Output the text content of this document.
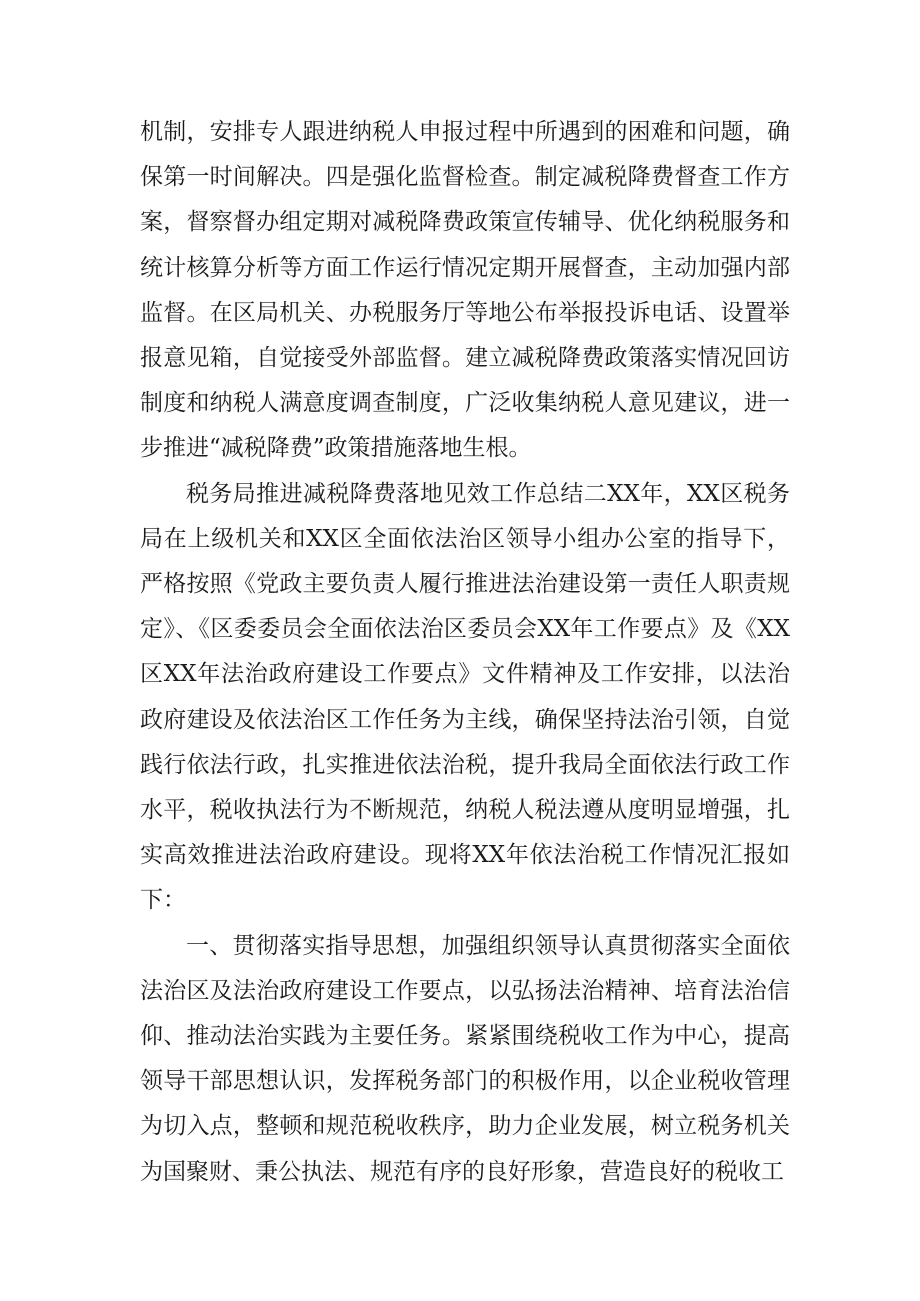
机制，安排专人跟进纳税人申报过程中所遇到的困难和问题，确保第一时间解决。四是强化监督检查。制定减税降费督查工作方案，督察督办组定期对减税降费政策宣传辅导、优化纳税服务和统计核算分析等方面工作运行情况定期开展督查，主动加强内部监督。在区局机关、办税服务厅等地公布举报投诉电话、设置举报意见箱，自觉接受外部监督。建立减税降费政策落实情况回访制度和纳税人满意度调查制度，广泛收集纳税人意见建议，进一步推进“减税降费”政策措施落地生根。

税务局推进减税降费落地见效工作总结二XX年，XX区税务局在上级机关和XX区全面依法治区领导小组办公室的指导下，严格按照《党政主要负责人履行推进法治建设第一责任人职责规定》、《区委委员会全面依法治区委员会XX年工作要点》及《XX区XX年法治政府建设工作要点》文件精神及工作安排，以法治政府建设及依法治区工作任务为主线，确保坚持法治引领，自觉践行依法行政，扎实推进依法治税，提升我局全面依法行政工作水平，税收执法行为不断规范，纳税人税法遵从度明显增强，扎实高效推进法治政府建设。现将XX年依法治税工作情况汇报如下：

一、贯彻落实指导思想，加强组织领导认真贯彻落实全面依法治区及法治政府建设工作要点，以弘扬法治精神、培育法治信仰、推动法治实践为主要任务。紧紧围绕税收工作为中心，提高领导干部思想认识，发挥税务部门的积极作用，以企业税收管理为切入点，整顿和规范税收秩序，助力企业发展，树立税务机关为国聚财、秉公执法、规范有序的良好形象，营造良好的税收工
